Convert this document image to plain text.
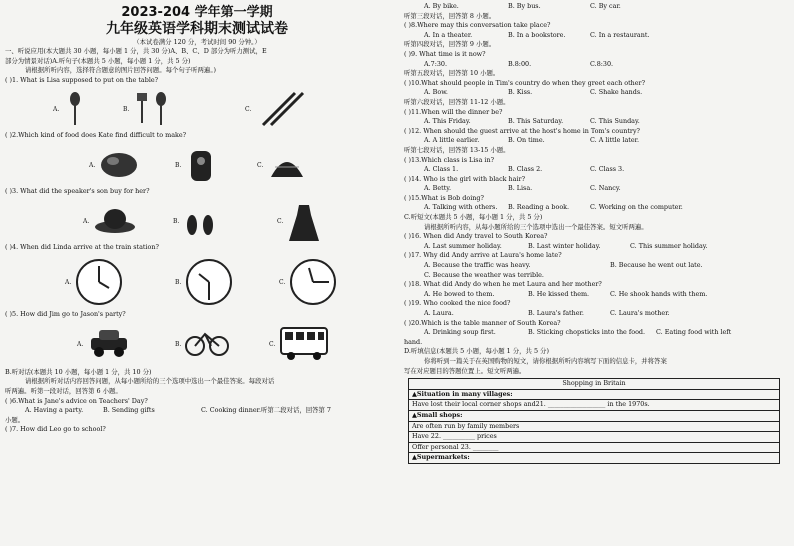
2023-204 学年第一学期
九年级英语学科期末测试试卷
（本试卷满分 120 分，考试时间 90 分钟。）
一、听说应用(本大题共 30 小题，每小题 1 分，共 30 分)A、B、C、D 部分为听力测试，E
部分为情景对话)A.听句子(本题共 5 小题，每小题 1 分，共 5 分)
请根据所听内容，选择符合题意的图片回答问题。每个句子听两遍。)
( )1. What is Lisa supposed to put on the table?
A.	B.	C.
( )2.Which kind of food does Kate find difficult to make?
A.	B.	C.
( )3. What did the speaker's son buy for her?
A.	B.	C.
( )4. When did Linda arrive at the train station?
A.	B.	C.
( )5. How did Jim go to Jason's party?
A.	B.	C.
B.听对话(本题共 10 小题，每小题 1 分，共 10 分)
请根据所听对话内容回答问题，从每小题所给的三个选项中选出一个最佳答案。每段对话
听两遍。听第一段对话，回答第 6 小题。
( )6.What is Jane's advice on Teachers' Day?
A. Having a party.	B. Sending gifts	C. Cooking dinner.听第二段对话，回答第 7
小题。
( )7. How did Leo go to school?
A. By bike.	B. By bus.	C. By car.
听第三段对话，回答第 8 小题。
( )8.Where may this conversation take place?
A. In a theater.	B. In a bookstore.	C. In a restaurant.
听第四段对话，回答第 9 小题。
( )9. What time is it now?
A.7:30.	B.8:00.	C.8:30.
听第五段对话，回答第 10 小题。
( )10.What should people in Tim's country do when they greet each other?
A. Bow.	B. Kiss.	C. Shake hands.
听第六段对话，回答第 11-12 小题。
( )11.When will the dinner be?
A. This Friday.	B. This Saturday.	C. This Sunday.
( )12. When should the guest arrive at the host's home in Tom's country?
A. A little earlier.	B. On time.	C. A little later.
听第七段对话，回答第 13-15 小题。
( )13.Which class is Lisa in?
A. Class 1.	B. Class 2.	C. Class 3.
( )14. Who is the girl with black hair?
A. Betty.	B. Lisa.	C. Nancy.
( )15.What is Bob doing?
A. Talking with others.	B. Reading a book.	C. Working on the computer.
C.听短文(本题共 5 小题，每小题 1 分，共 5 分)
请根据所听内容，从每小题所给的三个选项中选出一个最佳答案。短文听两遍。
( )16. When did Andy travel to South Korea?
A. Last summer holiday.	B. Last winter holiday.	C. This summer holiday.
( )17. Why did Andy arrive at Laura's home late?
A. Because the traffic was heavy.	B. Because he went out late.
C. Because the weather was terrible.
( )18. What did Andy do when he met Laura and her mother?
A. He bowed to them.	B. He kissed them.	C. He shook hands with them.
( )19. Who cooked the nice food?
A. Laura.	B. Laura's father.	C. Laura's mother.
( )20.Which is the table manner of South Korea?
A. Drinking soup first.	B. Sticking chopsticks into the food.	C. Eating food with left
hand.
D.听填信息(本题共 5 小题，每小题 1 分，共 5 分)
你将听到一篇关于在英国购物的短文，请你根据所听内容填写下面的信息卡，并将答案
写在对应题目的答题位置上。短文听两遍。
Shopping in Britain
▲Situation in many villages:
Have lost their local corner shops and21. __________________ in the 1970s.
▲Small shops:
Are often run by family members
Have 22. __________ prices
Offer personal 23. ________
▲Supermarkets:
